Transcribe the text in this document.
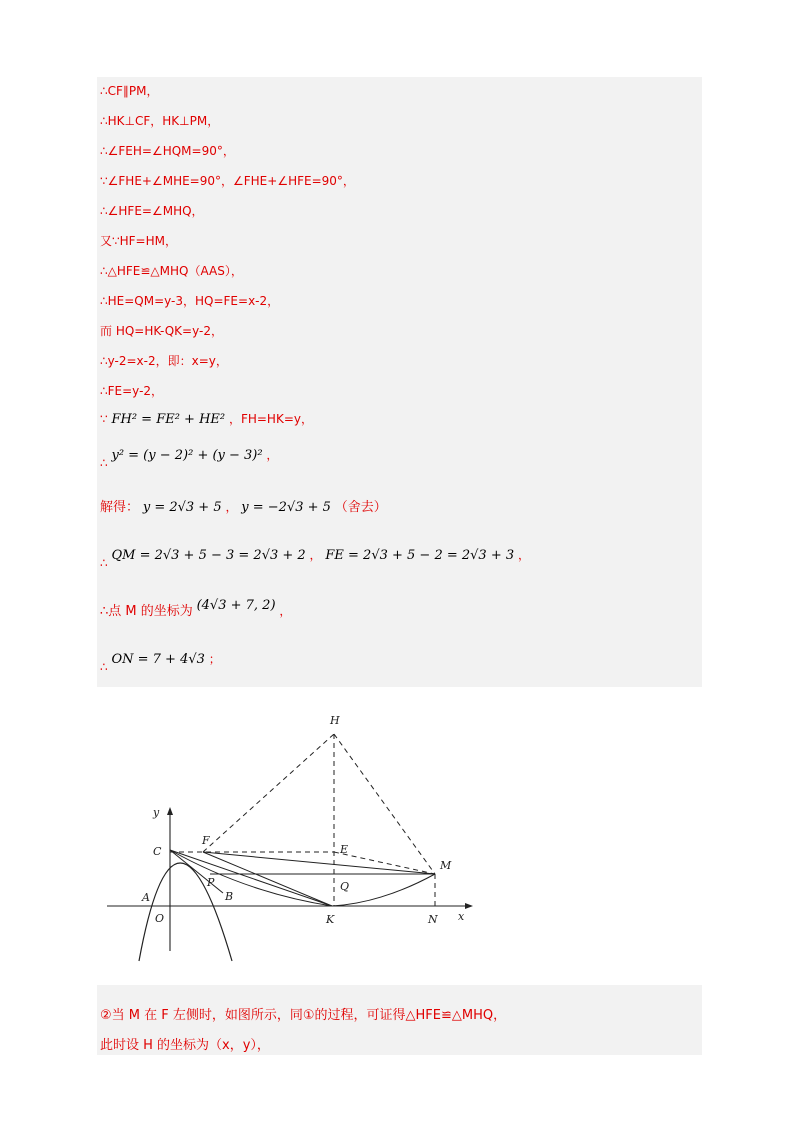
∴CF∥PM，
∴HK⊥CF，HK⊥PM，
∴∠FEH=∠HQM=90°，
∵∠FHE+∠MHE=90°，∠FHE+∠HFE=90°，
∴∠HFE=∠MHQ，
又∵HF=HM，
∴△HFE≌△MHQ（AAS），
∴HE=QM=y-3，HQ=FE=x-2，
而 HQ=HK-QK=y-2，
∴y-2=x-2，即：x=y，
∴FE=y-2，
∵ FH² = FE² + HE² ，FH=HK=y，
∴ y² = (y − 2)² + (y − 3)² ，
解得： y = 2√3 + 5 ， y = −2√3 + 5 （舍去）
∴ QM = 2√3 + 5 − 3 = 2√3 + 2 ， FE = 2√3 + 5 − 2 = 2√3 + 3 ，
∴点 M 的坐标为 (4√3 + 7, 2) ，
∴ ON = 7 + 4√3 ；
H
y
F
C	E
M
P	Q
A	B
O	K	N x
②当 M 在 F 左侧时，如图所示，同①的过程，可证得△HFE≌△MHQ，
此时设 H 的坐标为（x，y），
